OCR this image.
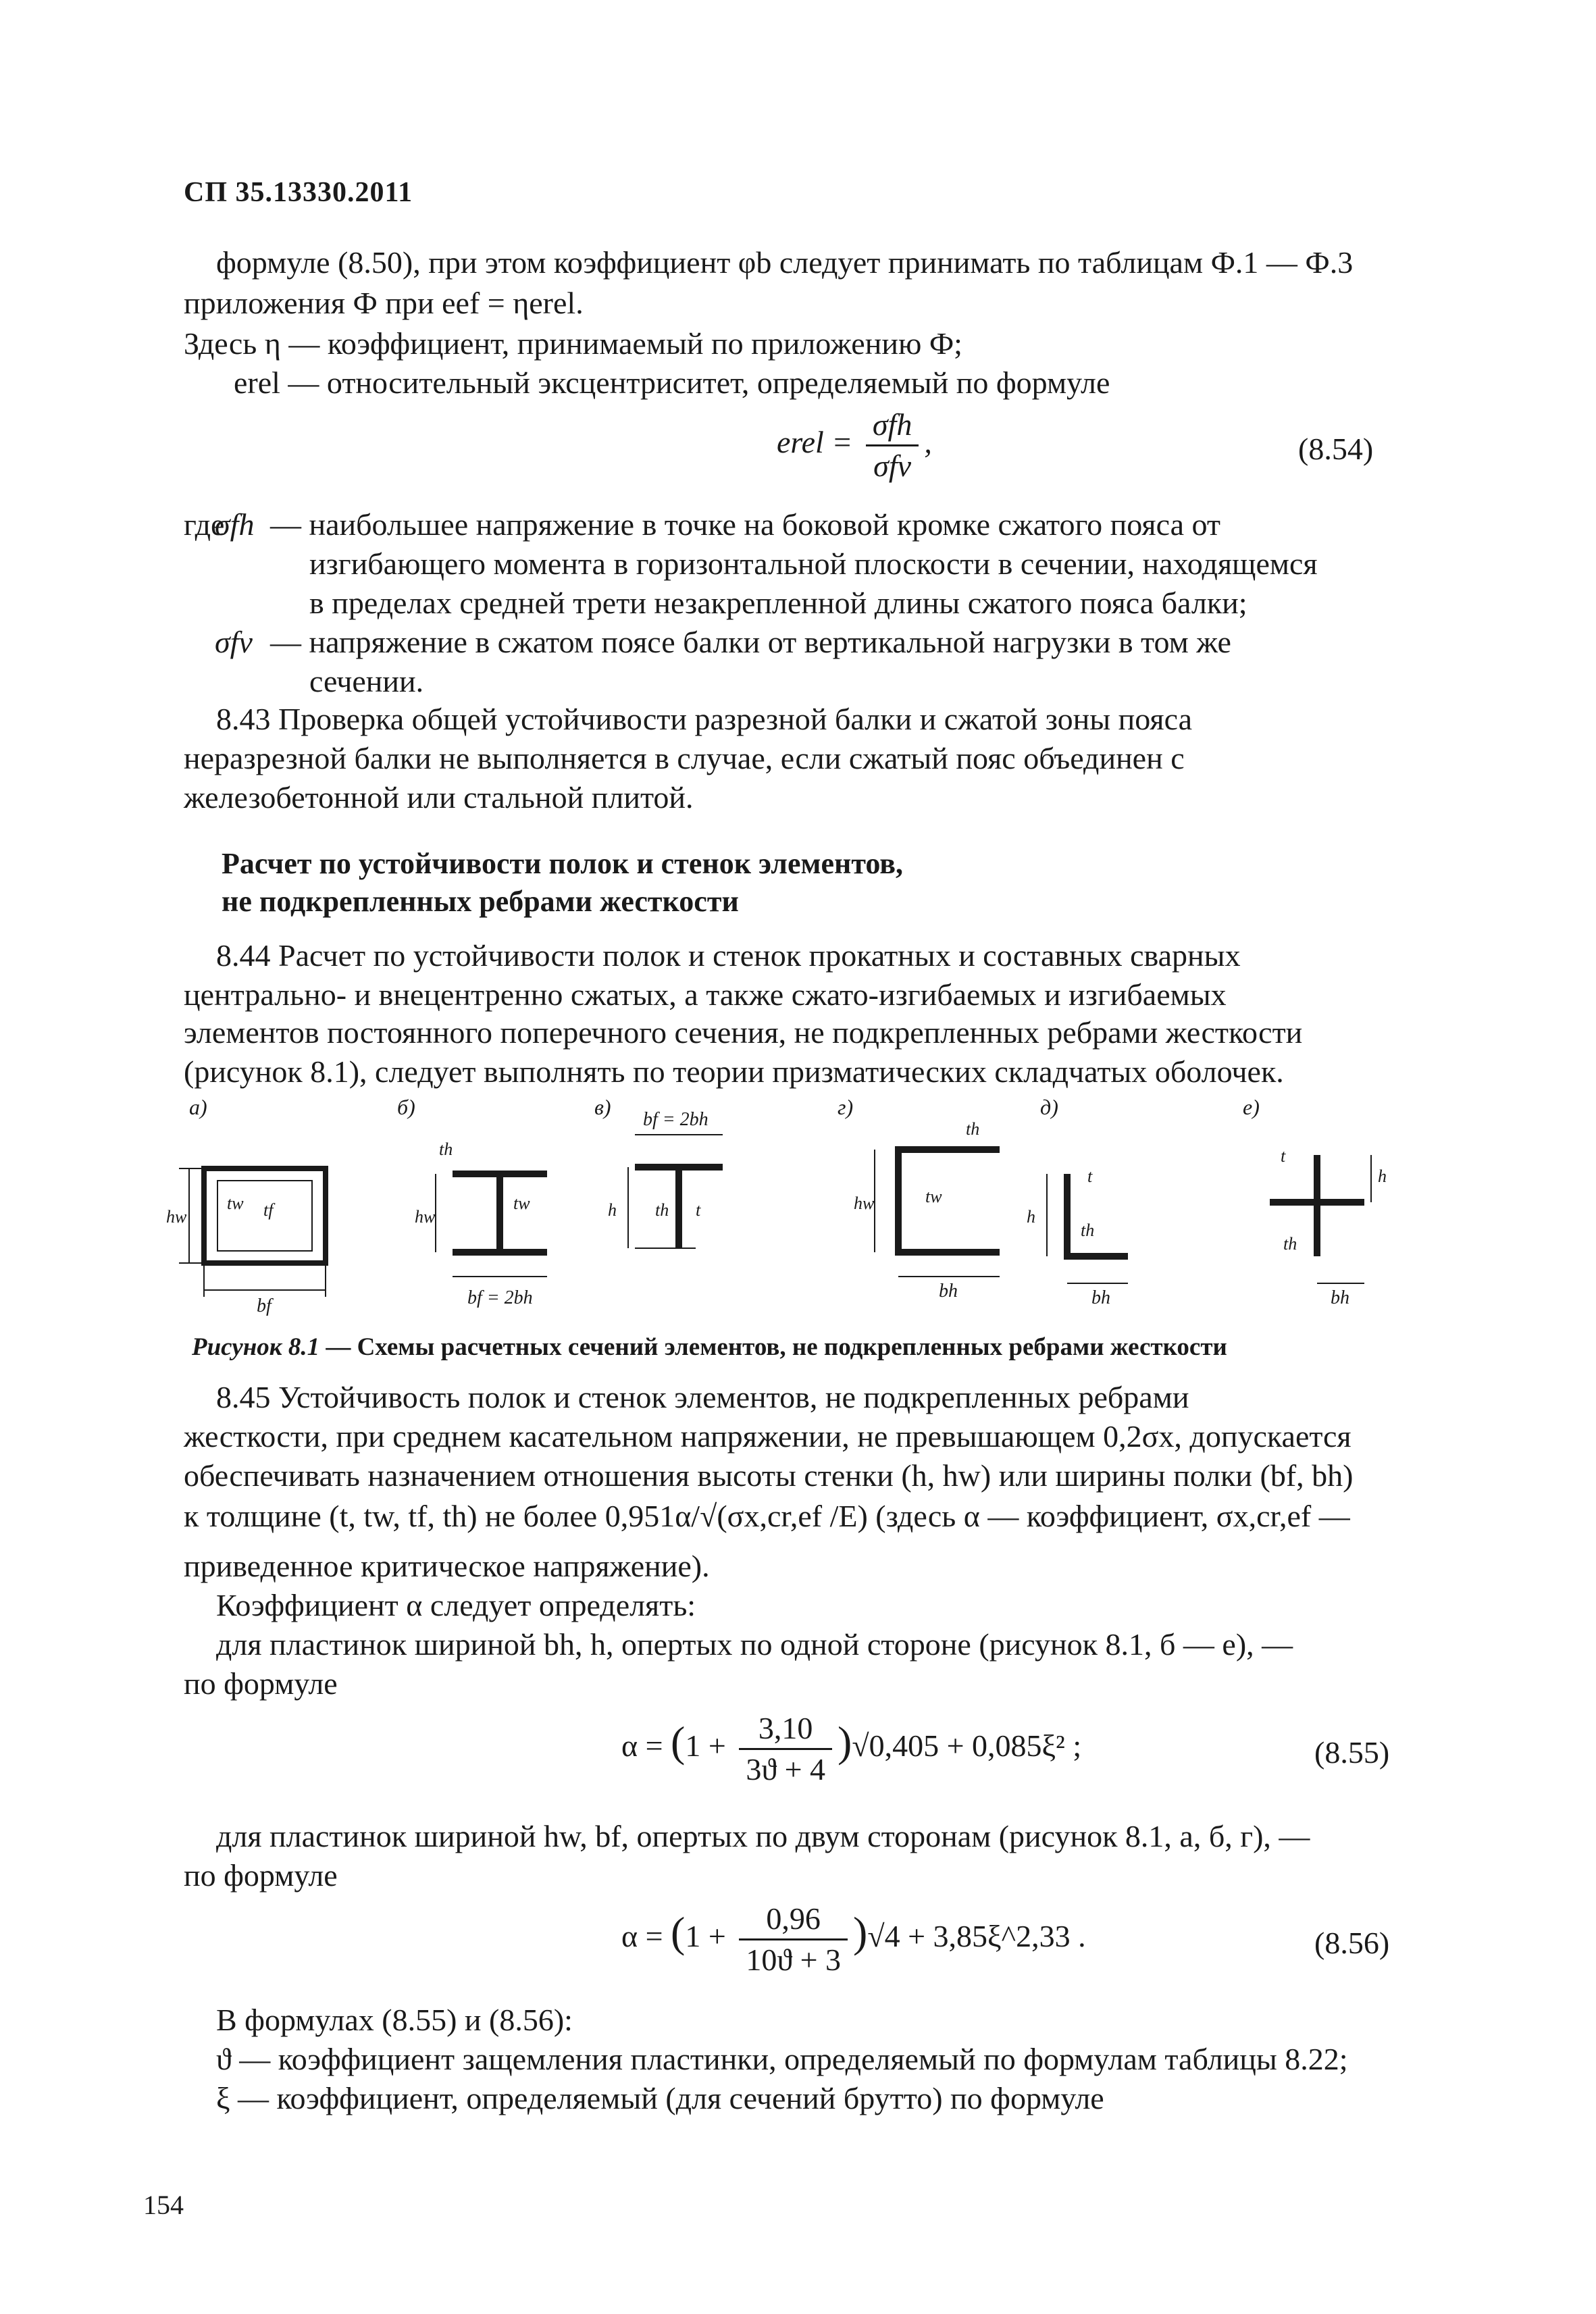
СП 35.13330.2011
формуле (8.50), при этом коэффициент φb следует принимать по таблицам Ф.1 — Ф.3
приложения Ф при eef = ηerel.
Здесь η — коэффициент, принимаемый по приложению Ф;
erel — относительный эксцентриситет, определяемый по формуле
erel = $\frac{\text{σfh}}{\text{σfv}}$ ,	(8.54)
где
σfh — наибольшее напряжение в точке на боковой кромке сжатого пояса от
изгибающего момента в горизонтальной плоскости в сечении, находящемся
в пределах средней трети незакрепленной длины сжатого пояса балки;
σfv — напряжение в сжатом поясе балки от вертикальной нагрузки в том же
сечении.
8.43 Проверка общей устойчивости разрезной балки и сжатой зоны пояса
неразрезной балки не выполняется в случае, если сжатый пояс объединен с
железобетонной или стальной плитой.
Расчет по устойчивости полок и стенок элементов,
не подкрепленных ребрами жесткости
8.44 Расчет по устойчивости полок и стенок прокатных и составных сварных
центрально- и внецентренно сжатых, а также сжато-изгибаемых и изгибаемых
элементов постоянного поперечного сечения, не подкрепленных ребрами жесткости
(рисунок 8.1), следует выполнять по теории призматических складчатых оболочек.
а)
hw
tw tf
bf
б)
hw
th
tw
bf = 2bh
в)
bf = 2bh
h th t
г)
hw	tw
th
bh
д)
h
t
th
bh
е)
h
t
th
bh
Рисунок 8.1 — Схемы расчетных сечений элементов, не подкрепленных ребрами жесткости
8.45 Устойчивость полок и стенок элементов, не подкрепленных ребрами
жесткости, при среднем касательном напряжении, не превышающем 0,2σx, допускается
обеспечивать назначением отношения высоты стенки (h, hw) или ширины полки (bf, bh)
к толщине (t, tw, tf, th) не более 0,951α/√(σx,cr,ef /E) (здесь α — коэффициент, σx,cr,ef —
приведенное критическое напряжение).
Коэффициент α следует определять:
для пластинок шириной bh, h, опертых по одной стороне (рисунок 8.1, б — е), —
по формуле
$\alpha = (1 + \frac{3,10}{3ϑ + 4} )√0,405 + 0,085\xi^2$ ;	(8.55)
для пластинок шириной hw, bf, опертых по двум сторонам (рисунок 8.1, а, б, г), —
по формуле
$\alpha = (1 + \frac{0,96}{10ϑ + 3} )√4$ + 3,85ξ^2,33 .	(8.56)
В формулах (8.55) и (8.56):
ϑ — коэффициент защемления пластинки, определяемый по формулам таблицы 8.22;
ξ — коэффициент, определяемый (для сечений брутто) по формуле
154
